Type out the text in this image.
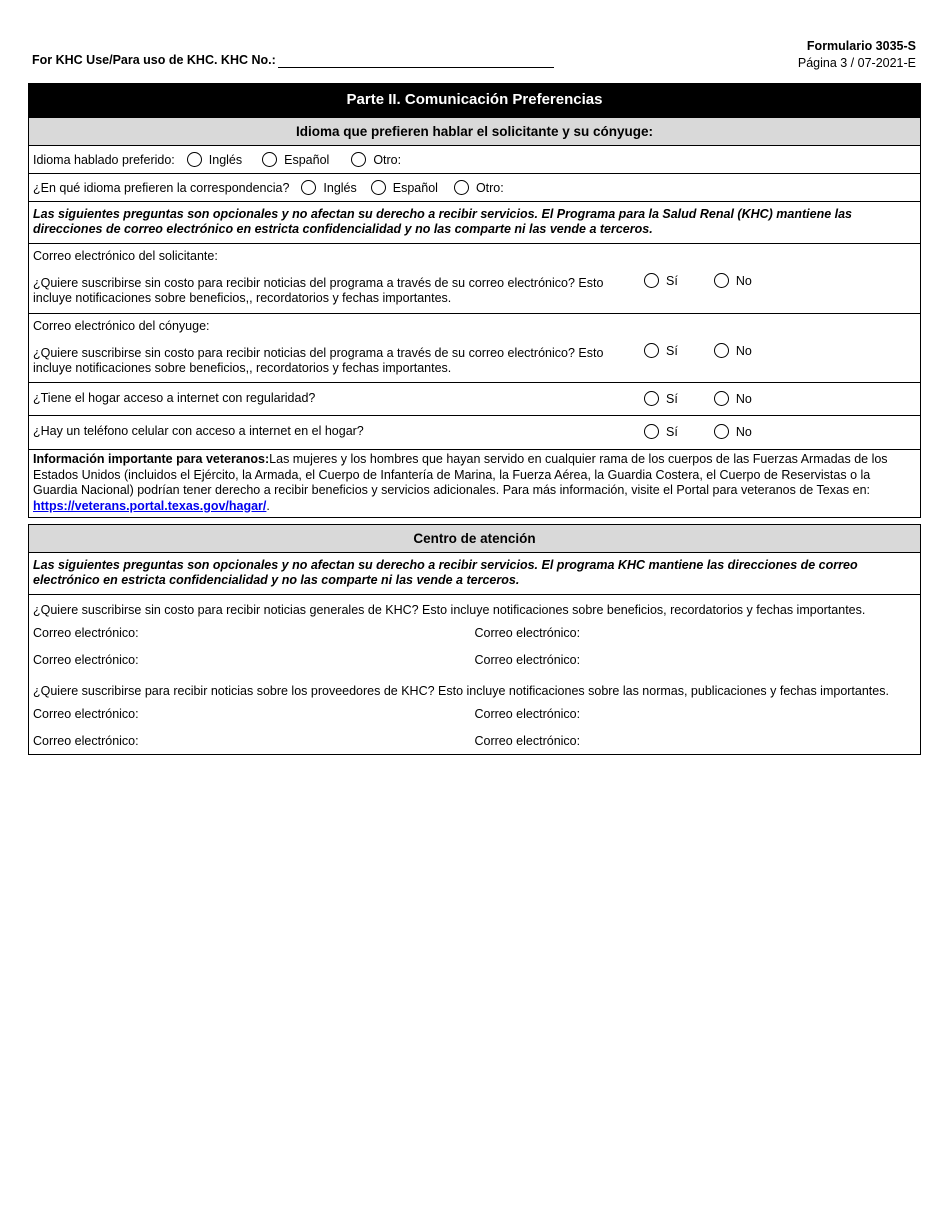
For KHC Use/Para uso de KHC. KHC No.:
Formulario 3035-S
Página 3 / 07-2021-E
Parte II. Comunicación Preferencias
Idioma que prefieren hablar el solicitante y su cónyuge:
Idioma hablado preferido:	Inglés	Español	Otro:
¿En qué idioma prefieren la correspondencia?	Inglés	Español	Otro:
Las siguientes preguntas son opcionales y no afectan su derecho a recibir servicios. El Programa para la Salud Renal (KHC) mantiene las direcciones de correo electrónico en estricta confidencialidad y no las comparte ni las vende a terceros.
Correo electrónico del solicitante:
¿Quiere suscribirse sin costo para recibir noticias del programa a través de su correo electrónico? Esto incluye notificaciones sobre beneficios,, recordatorios y fechas importantes.
Sí	No
Correo electrónico del cónyuge:
¿Quiere suscribirse sin costo para recibir noticias del programa a través de su correo electrónico? Esto incluye notificaciones sobre beneficios,, recordatorios y fechas importantes.
Sí	No
¿Tiene el hogar acceso a internet con regularidad?	Sí	No
¿Hay un teléfono celular con acceso a internet en el hogar?	Sí	No
Información importante para veteranos:Las mujeres y los hombres que hayan servido en cualquier rama de los cuerpos de las Fuerzas Armadas de los Estados Unidos (incluidos el Ejército, la Armada, el Cuerpo de Infantería de Marina, la Fuerza Aérea, la Guardia Costera, el Cuerpo de Reservistas o la Guardia Nacional) podrían tener derecho a recibir beneficios y servicios adicionales. Para más información, visite el Portal para veteranos de Texas en: https://veterans.portal.texas.gov/hagar/.
Centro de atención
Las siguientes preguntas son opcionales y no afectan su derecho a recibir servicios. El programa KHC mantiene las direcciones de correo electrónico en estricta confidencialidad y no las comparte ni las vende a terceros.
¿Quiere suscribirse sin costo para recibir noticias generales de KHC? Esto incluye notificaciones sobre beneficios, recordatorios y fechas importantes.
Correo electrónico:	Correo electrónico:
Correo electrónico:	Correo electrónico:
¿Quiere suscribirse para recibir noticias sobre los proveedores de KHC? Esto incluye notificaciones sobre las normas, publicaciones y fechas importantes.
Correo electrónico:	Correo electrónico:
Correo electrónico:	Correo electrónico:
